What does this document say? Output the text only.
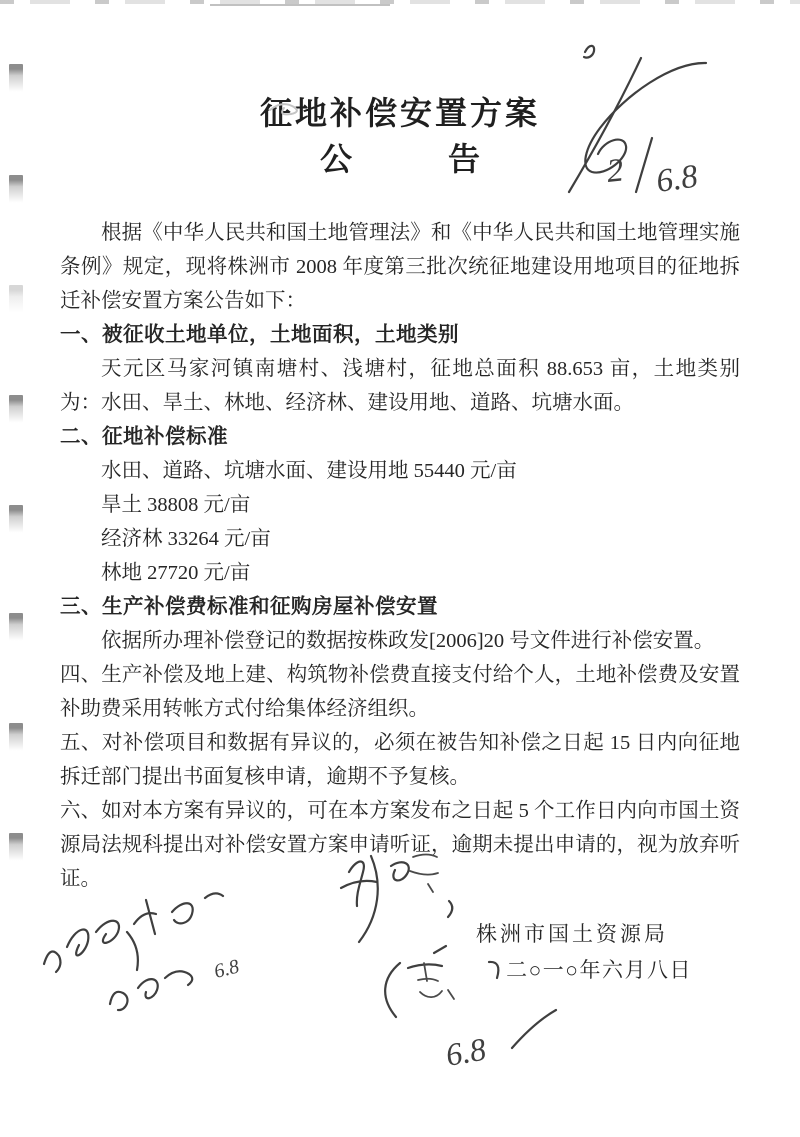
征地补偿安置方案
公　　　告

根据《中华人民共和国土地管理法》和《中华人民共和国土地管理实施条例》规定，现将株洲市 2008 年度第三批次统征地建设用地项目的征地拆迁补偿安置方案公告如下：

一、被征收土地单位，土地面积，土地类别

天元区马家河镇南塘村、浅塘村，征地总面积 88.653 亩，土地类别为：水田、旱土、林地、经济林、建设用地、道路、坑塘水面。

二、征地补偿标准

水田、道路、坑塘水面、建设用地 55440 元/亩

旱土 38808 元/亩

经济林 33264 元/亩

林地 27720 元/亩

三、生产补偿费标准和征购房屋补偿安置

依据所办理补偿登记的数据按株政发[2006]20 号文件进行补偿安置。

四、生产补偿及地上建、构筑物补偿费直接支付给个人，土地补偿费及安置补助费采用转帐方式付给集体经济组织。

五、对补偿项目和数据有异议的，必须在被告知补偿之日起 15 日内向征地拆迁部门提出书面复核申请，逾期不予复核。

六、如对本方案有异议的，可在本方案发布之日起 5 个工作日内向市国土资源局法规科提出对补偿安置方案申请听证，逾期未提出申请的，视为放弃听证。

株洲市国土资源局
二○一○年六月八日
2 6.8
6.8
6.8
